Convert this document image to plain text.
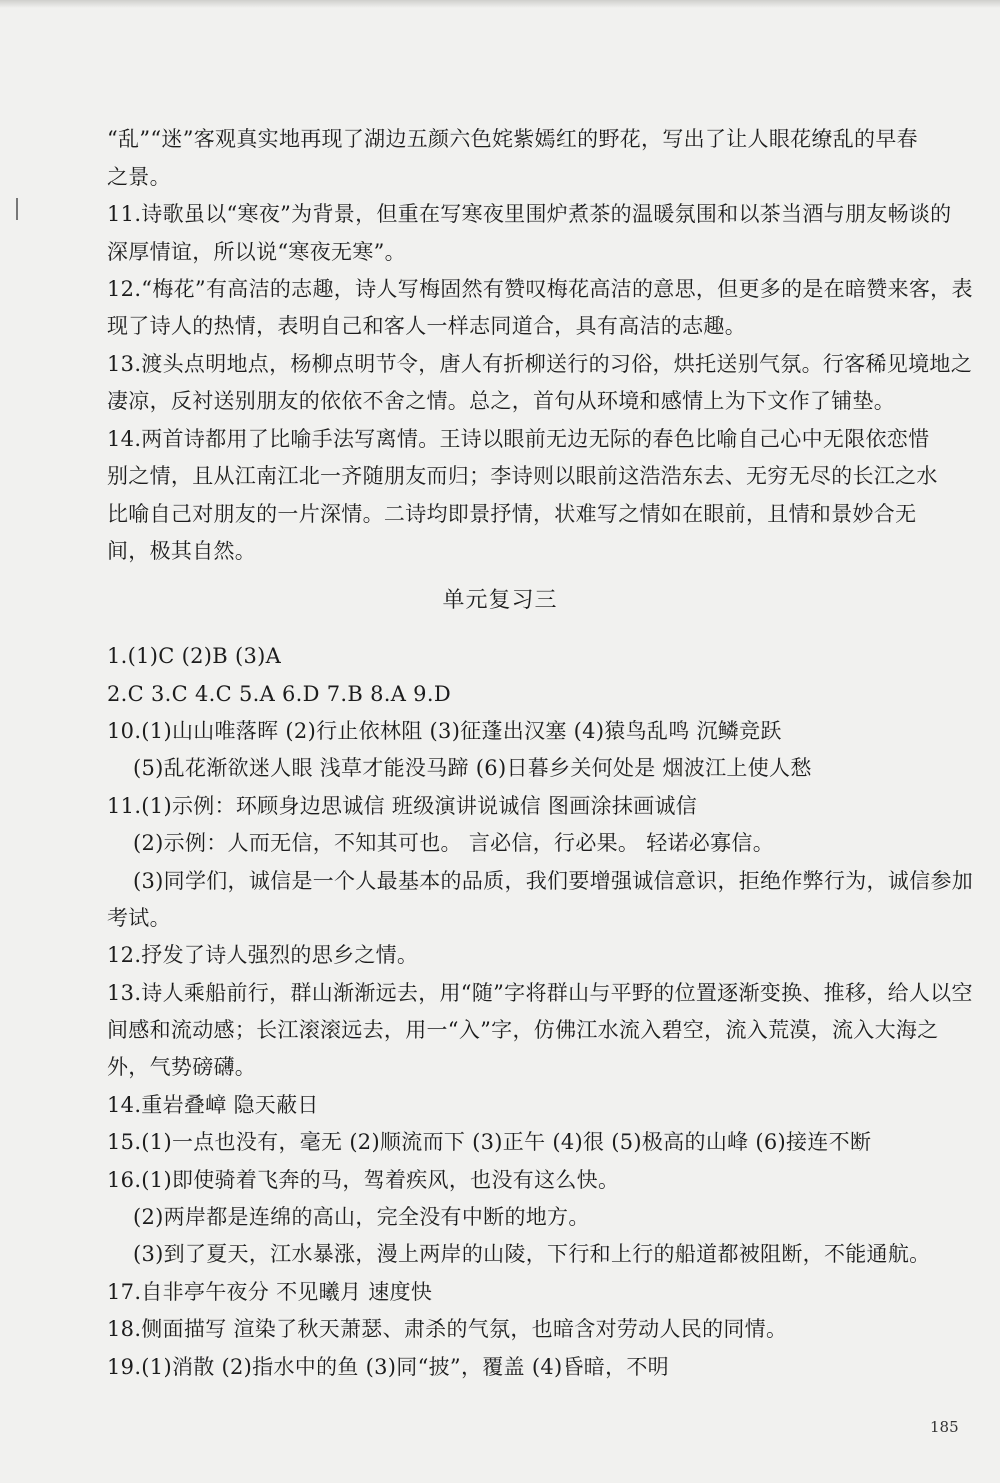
“乱”“迷”客观真实地再现了湖边五颜六色姹紫嫣红的野花，写出了让人眼花缭乱的早春
之景。
11.诗歌虽以“寒夜”为背景，但重在写寒夜里围炉煮茶的温暖氛围和以茶当酒与朋友畅谈的
深厚情谊，所以说“寒夜无寒”。
12.“梅花”有高洁的志趣，诗人写梅固然有赞叹梅花高洁的意思，但更多的是在暗赞来客，表
现了诗人的热情，表明自己和客人一样志同道合，具有高洁的志趣。
13.渡头点明地点，杨柳点明节令，唐人有折柳送行的习俗，烘托送别气氛。行客稀见境地之
凄凉，反衬送别朋友的依依不舍之情。总之，首句从环境和感情上为下文作了铺垫。
14.两首诗都用了比喻手法写离情。王诗以眼前无边无际的春色比喻自己心中无限依恋惜
别之情，且从江南江北一齐随朋友而归；李诗则以眼前这浩浩东去、无穷无尽的长江之水
比喻自己对朋友的一片深情。二诗均即景抒情，状难写之情如在眼前，且情和景妙合无
间，极其自然。
单元复习三
1.(1)C (2)B (3)A
2.C 3.C 4.C 5.A 6.D 7.B 8.A 9.D
10.(1)山山唯落晖 (2)行止依林阻 (3)征蓬出汉塞 (4)猿鸟乱鸣 沉鳞竞跃
(5)乱花渐欲迷人眼 浅草才能没马蹄 (6)日暮乡关何处是 烟波江上使人愁
11.(1)示例：环顾身边思诚信 班级演讲说诚信 图画涂抹画诚信
(2)示例：人而无信，不知其可也。 言必信，行必果。 轻诺必寡信。
(3)同学们，诚信是一个人最基本的品质，我们要增强诚信意识，拒绝作弊行为，诚信参加
考试。
12.抒发了诗人强烈的思乡之情。
13.诗人乘船前行，群山渐渐远去，用“随”字将群山与平野的位置逐渐变换、推移，给人以空
间感和流动感；长江滚滚远去，用一“入”字，仿佛江水流入碧空，流入荒漠，流入大海之
外，气势磅礴。
14.重岩叠嶂 隐天蔽日
15.(1)一点也没有，毫无 (2)顺流而下 (3)正午 (4)很 (5)极高的山峰 (6)接连不断
16.(1)即使骑着飞奔的马，驾着疾风，也没有这么快。
(2)两岸都是连绵的高山，完全没有中断的地方。
(3)到了夏天，江水暴涨，漫上两岸的山陵，下行和上行的船道都被阻断，不能通航。
17.自非亭午夜分 不见曦月 速度快
18.侧面描写 渲染了秋天萧瑟、肃杀的气氛，也暗含对劳动人民的同情。
19.(1)消散 (2)指水中的鱼 (3)同“披”，覆盖 (4)昏暗，不明
185
